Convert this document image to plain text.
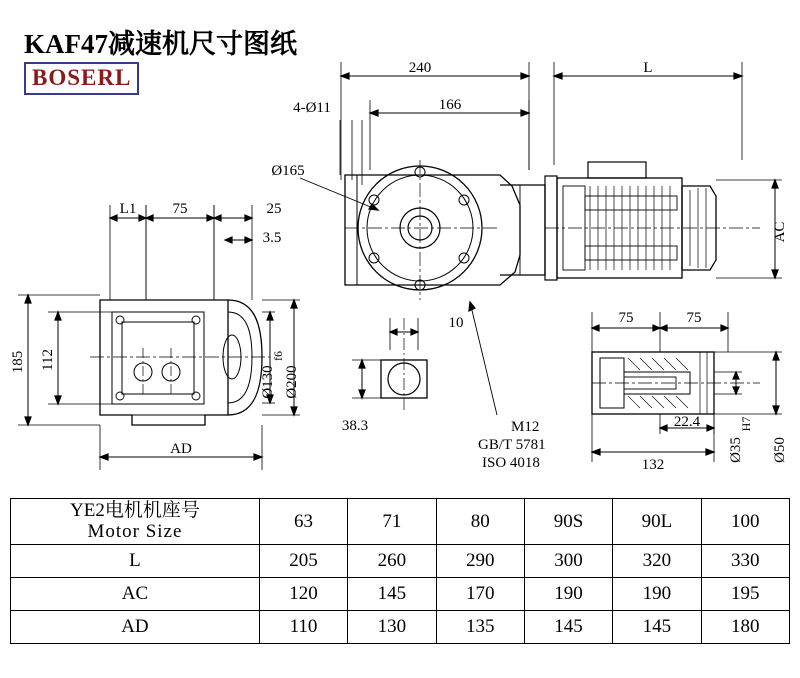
KAF47减速机尺寸图纸
BOSERL	240	L
4-Ø11	166
Ø165
AC
L1 75	25
3.5
Ø130
f6
Ø200
185 112
AD
10
38.3	M12
GB/T 5781
ISO 4018
75	75
22.4
132
Ø35
H7
Ø50
YE2电机机座号
Motor Size	63	71	80	90S	90L	100
L	205	260	290	300	320	330
AC	120	145	170	190	190	195
AD	110	130	135	145	145	180
